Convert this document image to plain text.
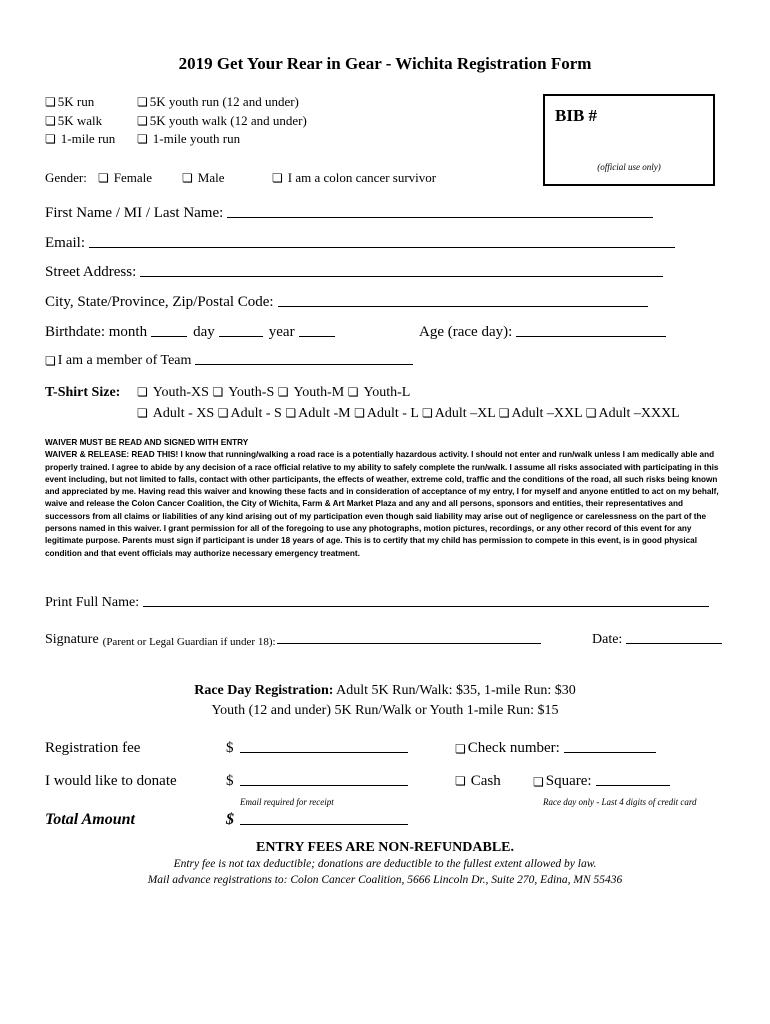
2019 Get Your Rear in Gear - Wichita Registration Form
❏ 5K run
❏ 5K walk
❏ 1-mile run
❏ 5K youth run (12 and under)
❏ 5K youth walk (12 and under)
❏ 1-mile youth run
BIB #
(official use only)
Gender: ❏ Female ❏ Male	❏ I am a colon cancer survivor
First Name / MI / Last Name:
Email:
Street Address:
City, State/Province, Zip/Postal Code:
Birthdate: month	day	year	Age (race day):
❏ I am a member of Team
T-Shirt Size: ❏ Youth-XS ❏ Youth-S ❏ Youth-M ❏ Youth-L
❏ Adult - XS ❏ Adult - S ❏ Adult -M ❏ Adult - L ❏ Adult –XL ❏ Adult –XXL ❏ Adult –XXXL
WAIVER MUST BE READ AND SIGNED WITH ENTRY
WAIVER & RELEASE: READ THIS! I know that running/walking a road race is a potentially hazardous activity. I should not enter and run/walk unless I am medically able and properly trained. I agree to abide by any decision of a race official relative to my ability to safely complete the run/walk. I assume all risks associated with participating in this event including, but not limited to falls, contact with other participants, the effects of weather, extreme cold, traffic and the conditions of the road, all such risks being known and appreciated by me. Having read this waiver and knowing these facts and in consideration of acceptance of my entry, I for myself and anyone entitled to act on my behalf, waive and release the Colon Cancer Coalition, the City of Wichita, Farm & Art Market Plaza and any and all persons, sponsors and entities, their representatives and successors from all claims or liabilities of any kind arising out of my participation even though said liability may arise out of negligence or carelessness on the part of the persons named in this waiver. I grant permission for all of the foregoing to use any photographs, motion pictures, recordings, or any other record of this event for any legitimate purpose. Parents must sign if participant is under 18 years of age. This is to certify that my child has permission to compete in this event, is in good physical condition and that event officials may authorize necessary emergency treatment.
Print Full Name:
Signature (Parent or Legal Guardian if under 18):	Date:
Race Day Registration: Adult 5K Run/Walk: $35, 1-mile Run: $30
Youth (12 and under) 5K Run/Walk or Youth 1-mile Run: $15
Registration fee	$	❏ Check number:
I would like to donate	$
Email required for receipt
❏ Cash	❏ Square:
Race day only - Last 4 digits of credit card
Total Amount	$
ENTRY FEES ARE NON-REFUNDABLE.
Entry fee is not tax deductible; donations are deductible to the fullest extent allowed by law.
Mail advance registrations to: Colon Cancer Coalition, 5666 Lincoln Dr., Suite 270, Edina, MN 55436
